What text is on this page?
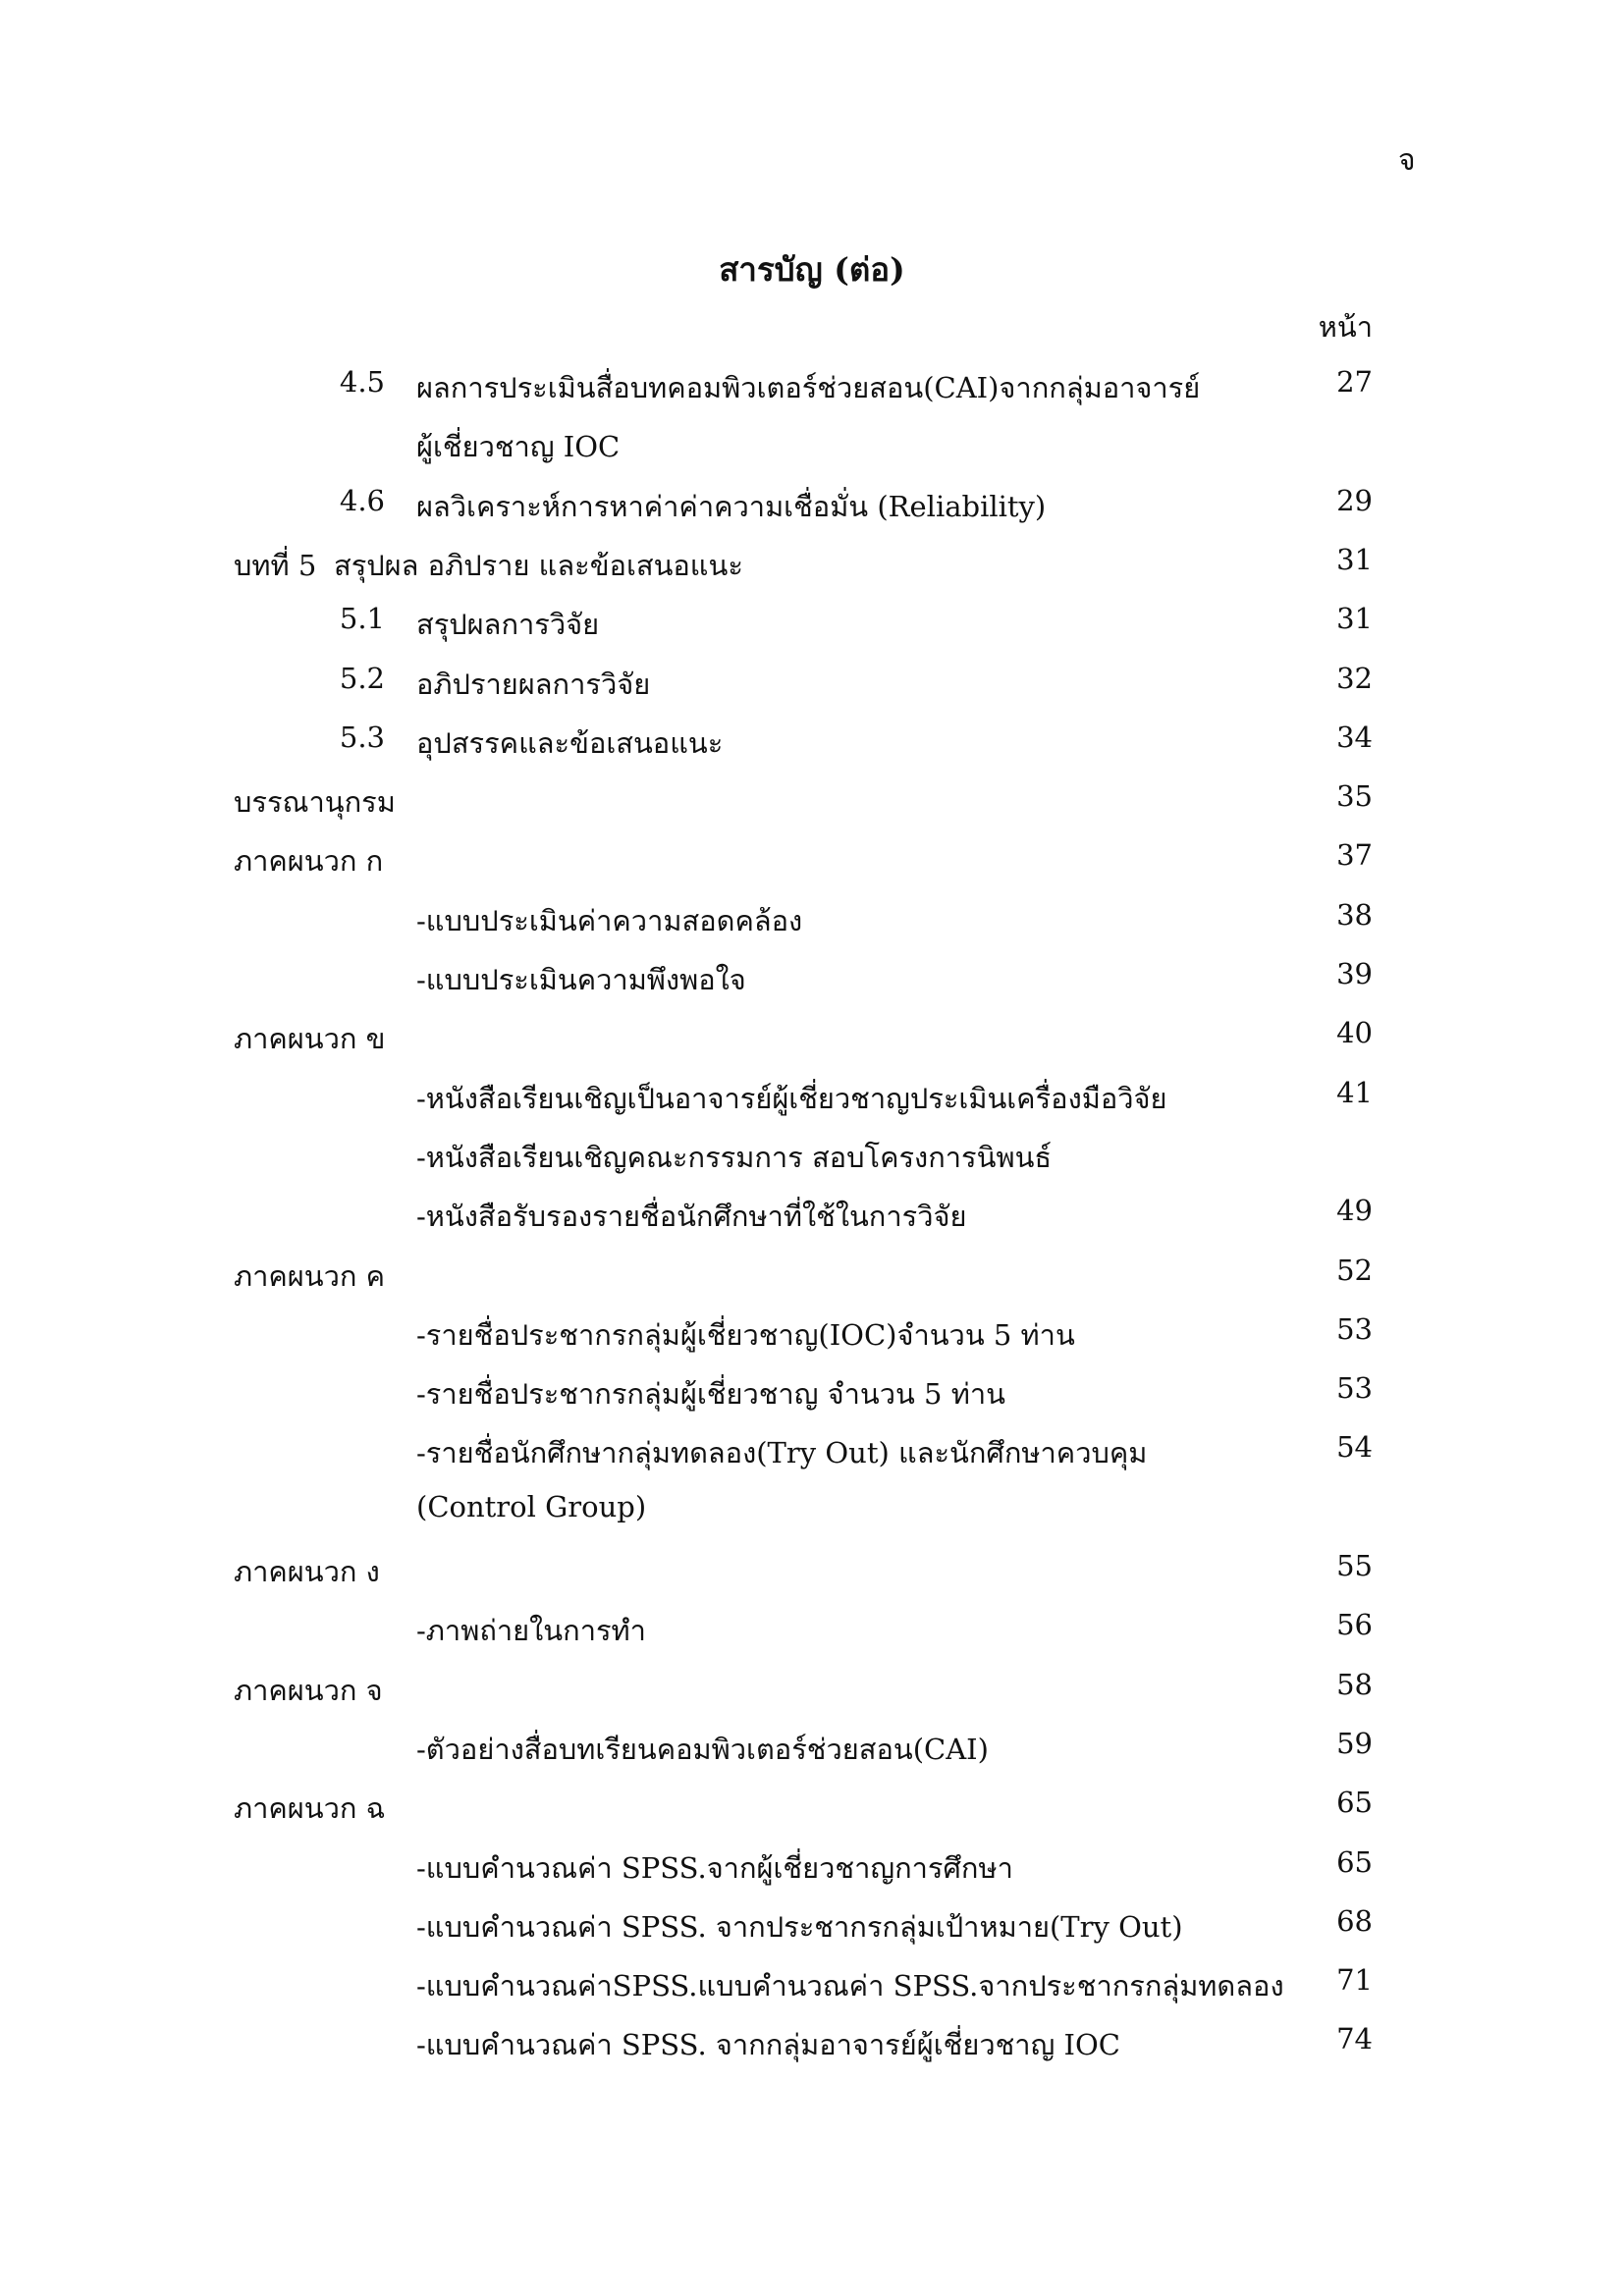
จ
สารบัญ (ต่อ)
หน้า
4.5 ผลการประเมินสื่อบทคอมพิวเตอร์ช่วยสอน(CAI)จากกลุ่มอาจารย์	27
ผู้เชี่ยวชาญ IOC
4.6 ผลวิเคราะห์การหาค่าค่าความเชื่อมั่น (Reliability)	29
บทที่ 5 สรุปผล อภิปราย และข้อเสนอแนะ	31
5.1 สรุปผลการวิจัย	31
5.2 อภิปรายผลการวิจัย	32
5.3 อุปสรรคและข้อเสนอแนะ	34
บรรณานุกรม	35
ภาคผนวก ก	37
-แบบประเมินค่าความสอดคล้อง	38
-แบบประเมินความพึงพอใจ	39
ภาคผนวก ข	40
-หนังสือเรียนเชิญเป็นอาจารย์ผู้เชี่ยวชาญประเมินเครื่องมือวิจัย	41
-หนังสือเรียนเชิญคณะกรรมการ สอบโครงการนิพนธ์
-หนังสือรับรองรายชื่อนักศึกษาที่ใช้ในการวิจัย	49
ภาคผนวก ค	52
-รายชื่อประชากรกลุ่มผู้เชี่ยวชาญ(IOC)จำนวน 5 ท่าน	53
-รายชื่อประชากรกลุ่มผู้เชี่ยวชาญ จำนวน 5 ท่าน	53
-รายชื่อนักศึกษากลุ่มทดลอง(Try Out) และนักศึกษาควบคุม	54
(Control Group)
ภาคผนวก ง	55
-ภาพถ่ายในการทำ	56
ภาคผนวก จ	58
-ตัวอย่างสื่อบทเรียนคอมพิวเตอร์ช่วยสอน(CAI)	59
ภาคผนวก ฉ	65
-แบบคำนวณค่า SPSS.จากผู้เชี่ยวชาญการศึกษา	65
-แบบคำนวณค่า SPSS. จากประชากรกลุ่มเป้าหมาย(Try Out)	68
-แบบคำนวณค่าSPSS.แบบคำนวณค่า SPSS.จากประชากรกลุ่มทดลอง	71
-แบบคำนวณค่า SPSS. จากกลุ่มอาจารย์ผู้เชี่ยวชาญ IOC	74
